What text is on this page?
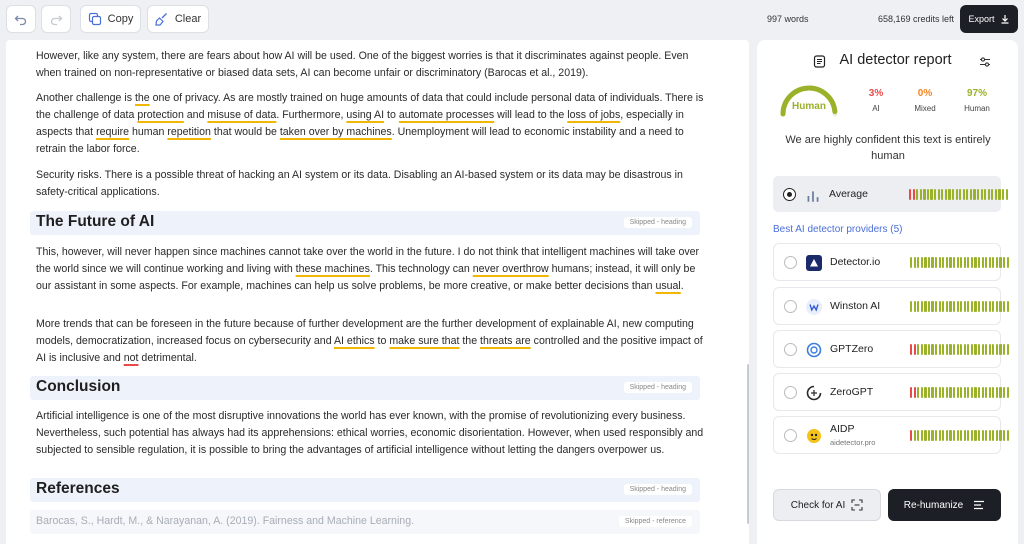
Copy	Clear	997 words	658,169 credits left Export

However, like any system, there are fears about how AI will be used. One of the biggest worries is that it discriminates against people. Even when trained on non-representative or biased data sets, AI can become unfair or discriminatory (Barocas et al., 2019).

Another challenge is the one of privacy. As are mostly trained on huge amounts of data that could include personal data of individuals. There is the challenge of data protection and misuse of data. Furthermore, using AI to automate processes will lead to the loss of jobs, especially in aspects that require human repetition that would be taken over by machines. Unemployment will lead to economic instability and a need to retrain the labor force.

Security risks. There is a possible threat of hacking an AI system or its data. Disabling an AI-based system or its data may be disastrous in safety-critical applications.

The Future of AI	Skipped - heading

This, however, will never happen since machines cannot take over the world in the future. I do not think that intelligent machines will take over the world since we will continue working and living with these machines. This technology can never overthrow humans; instead, it will only be our assistant in some aspects. For example, machines can help us solve problems, be more creative, or make better decisions than usual.

More trends that can be foreseen in the future because of further development are the further development of explainable AI, new computing models, democratization, increased focus on cybersecurity and AI ethics to make sure that the threats are controlled and the positive impact of AI is inclusive and not detrimental.

Conclusion	Skipped - heading

Artificial intelligence is one of the most disruptive innovations the world has ever known, with the promise of revolutionizing every business. Nevertheless, such potential has always had its apprehensions: ethical worries, economic disorientation. However, when used responsibly and subjected to sensible regulation, it is possible to bring the advantages of artificial intelligence without letting the dangers overpower us.

References	Skipped - heading
Barocas, S., Hardt, M., & Narayanan, A. (2019). Fairness and Machine Learning.	Skipped - reference
AI detector report
Human
3%
AI
0%
Mixed
97%
Human
We are highly confident this text is entirely human
Average
Best AI detector providers (5)
Detector.io
Winston AI
GPTZero
ZeroGPT
AIDP
aidetector.pro
Check for AI	Re-humanize
